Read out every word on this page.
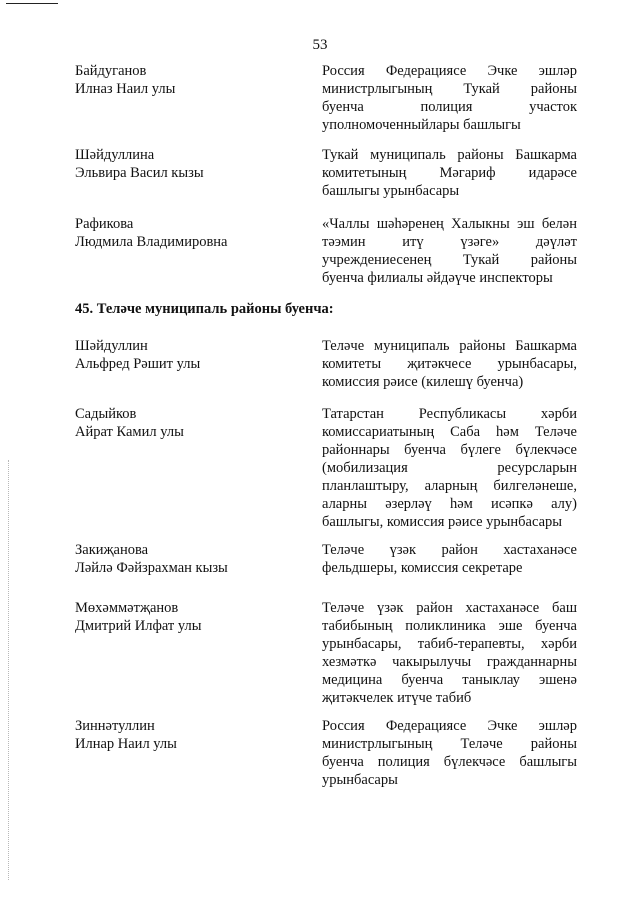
53
45. Теләче муниципаль районы буенча:
Байдуганов
Илназ Наил улы
Россия Федерациясе Эчке эшләр
министрлыгының Тукай районы
буенча полиция участок
уполномоченныйлары башлыгы
Шәйдуллина
Эльвира Васил кызы
Тукай муниципаль районы Башкарма
комитетының Мәгариф идарәсе
башлыгы урынбасары
Рафикова
Людмила Владимировна
«Чаллы шәһәренең Халыкны эш белән
тәэмин итү үзәге» дәүләт
учреждениесенең Тукай районы
буенча филиалы әйдәүче инспекторы
Шәйдуллин
Альфред Рәшит улы
Теләче муниципаль районы Башкарма
комитеты җитәкчесе урынбасары,
комиссия рәисе (килешү буенча)
Садыйков
Айрат Камил улы
Татарстан Республикасы хәрби
комиссариатының Саба һәм Теләче
районнары буенча бүлеге бүлекчәсе
(мобилизация ресурсларын
планлаштыру, аларның билгеләнеше,
аларны әзерләү һәм исәпкә алу)
башлыгы, комиссия рәисе урынбасары
Закиҗанова
Ләйлә Фәйзрахман кызы
Теләче үзәк район хастаханәсе
фельдшеры, комиссия секретаре
Мөхәммәтҗанов
Дмитрий Илфат улы
Теләче үзәк район хастаханәсе баш
табибының поликлиника эше буенча
урынбасары, табиб-терапевты, хәрби
хезмәткә чакырылучы гражданнарны
медицина буенча таныклау эшенә
җитәкчелек итүче табиб
Зиннәтуллин
Илнар Наил улы
Россия Федерациясе Эчке эшләр
министрлыгының Теләче районы
буенча полиция бүлекчәсе башлыгы
урынбасары
